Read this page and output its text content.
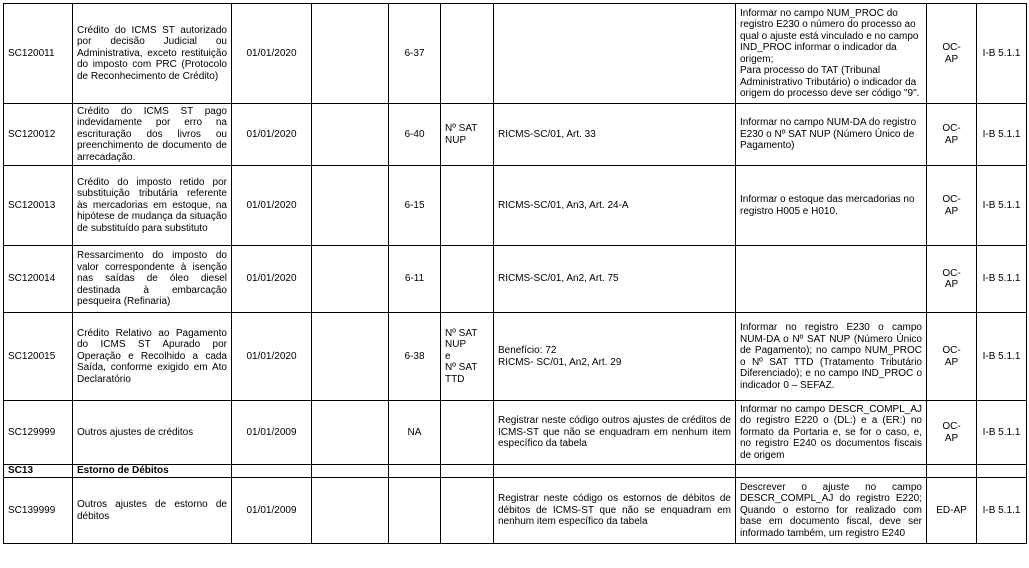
SC120011	Crédito do ICMS ST autorizado por decisão Judicial ou Administrativa, exceto restituição do imposto com PRC (Protocolo de Reconhecimento de Crédito)	01/01/2020		6-37			Informar no campo NUM_PROC do registro E230 o número do processo ao qual o ajuste está vinculado e no campo IND_PROC informar o indicador da origem;
Para processo do TAT (Tribunal Administrativo Tributário) o indicador da origem do processo deve ser código "9".	OC-
AP	I-B 5.1.1
SC120012	Crédito do ICMS ST pago indevidamente por erro na escrituração dos livros ou preenchimento de documento de arrecadação.	01/01/2020		6-40	Nº SAT
NUP	RICMS-SC/01, Art. 33	Informar no campo NUM-DA do registro E230 o Nº SAT NUP (Número Único de Pagamento)	OC-
AP	I-B 5.1.1
SC120013	Crédito do imposto retido por substituição tributária referente às mercadorias em estoque, na hipótese de mudança da situação de substituído para substituto	01/01/2020		6-15		RICMS-SC/01, An3, Art. 24-A	Informar o estoque das mercadorias no registro H005 e H010.	OC-
AP	I-B 5.1.1
SC120014	Ressarcimento do imposto do valor correspondente à isenção nas saídas de óleo diesel destinada à embarcação pesqueira (Refinaria)	01/01/2020		6-11		RICMS-SC/01, An2, Art. 75		OC-
AP	I-B 5.1.1
SC120015	Crédito Relativo ao Pagamento do ICMS ST Apurado por Operação e Recolhido a cada Saída, conforme exigido em Ato Declaratório	01/01/2020		6-38	Nº SAT
NUP
e
Nº SAT
TTD	Benefício: 72
RICMS- SC/01, An2, Art. 29	Informar no registro E230 o campo NUM-DA o Nº SAT NUP (Número Único de Pagamento); no campo NUM_PROC o Nº SAT TTD (Tratamento Tributário Diferenciado); e no campo IND_PROC o indicador 0 – SEFAZ.	OC-
AP	I-B 5.1.1
SC129999	Outros ajustes de créditos	01/01/2009		NA		Registrar neste código outros ajustes de créditos de ICMS-ST que não se enquadram em nenhum item específico da tabela	Informar no campo DESCR_COMPL_AJ do registro E220 o (DL:) e a (ER:) no formato da Portaria e, se for o caso, e, no registro E240 os documentos fiscais de origem	OC-
AP	I-B 5.1.1
SC13	Estorno de Débitos								
SC139999	Outros ajustes de estorno de débitos	01/01/2009				Registrar neste código os estornos de débitos de débitos de ICMS-ST que não se enquadram em nenhum item específico da tabela	Descrever o ajuste no campo DESCR_COMPL_AJ do registro E220; Quando o estorno for realizado com base em documento fiscal, deve ser informado também, um registro E240	ED-AP	I-B 5.1.1
